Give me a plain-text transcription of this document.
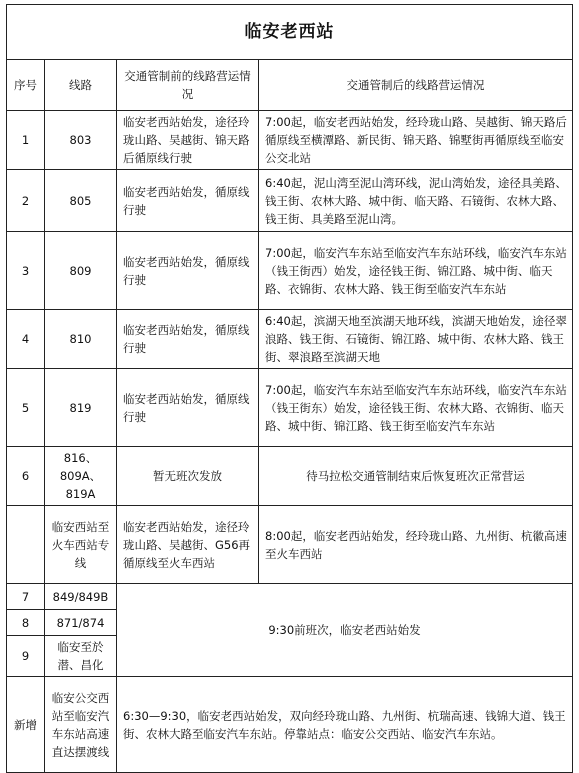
临安老西站			
序号	线路	交通管制前的线路营运情况	交通管制后的线路营运情况
1	803	临安老西站始发，途径玲珑山路、吴越街、锦天路后循原线行驶	7:00起，临安老西站始发，经玲珑山路、吴越街、锦天路后循原线至横潭路、新民街、锦天路、锦墅街再循原线至临安公交北站
2	805	临安老西站始发，循原线行驶	6:40起，泥山湾至泥山湾环线，泥山湾始发，途径具美路、钱王街、农林大路、城中街、临天路、石镜街、农林大路、钱王街、具美路至泥山湾。
3	809	临安老西站始发，循原线行驶	7:00起，临安汽车东站至临安汽车东站环线，临安汽车东站（钱王街西）始发，途径钱王街、锦江路、城中街、临天路、衣锦街、农林大路、钱王街至临安汽车东站
4	810	临安老西站始发，循原线行驶	6:40起，滨湖天地至滨湖天地环线，滨湖天地始发，途径翠浪路、钱王街、石镜街、锦江路、城中街、农林大路、钱王街、翠浪路至滨湖天地
5	819	临安老西站始发，循原线行驶	7:00起，临安汽车东站至临安汽车东站环线，临安汽车东站（钱王街东）始发，途径钱王街、农林大路、衣锦街、临天路、城中街、锦江路、钱王街至临安汽车东站
6	816、809A、819A	暂无班次发放	待马拉松交通管制结束后恢复班次正常营运
	临安西站至火车西站专线	临安老西站始发，途径玲珑山路、吴越街、G56再循原线至火车西站	8:00起，临安老西站始发，经玲珑山路、九州街、杭徽高速至火车西站
7	849/849B	9:30前班次，临安老西站始发	
8	871/874		
9	临安至於潜、昌化		
新增	临安公交西站至临安汽车东站高速直达摆渡线	6:30—9:30，临安老西站始发，双向经玲珑山路、九州街、杭瑞高速、钱锦大道、钱王街、农林大路至临安汽车东站。停靠站点：临安公交西站、临安汽车东站。	
